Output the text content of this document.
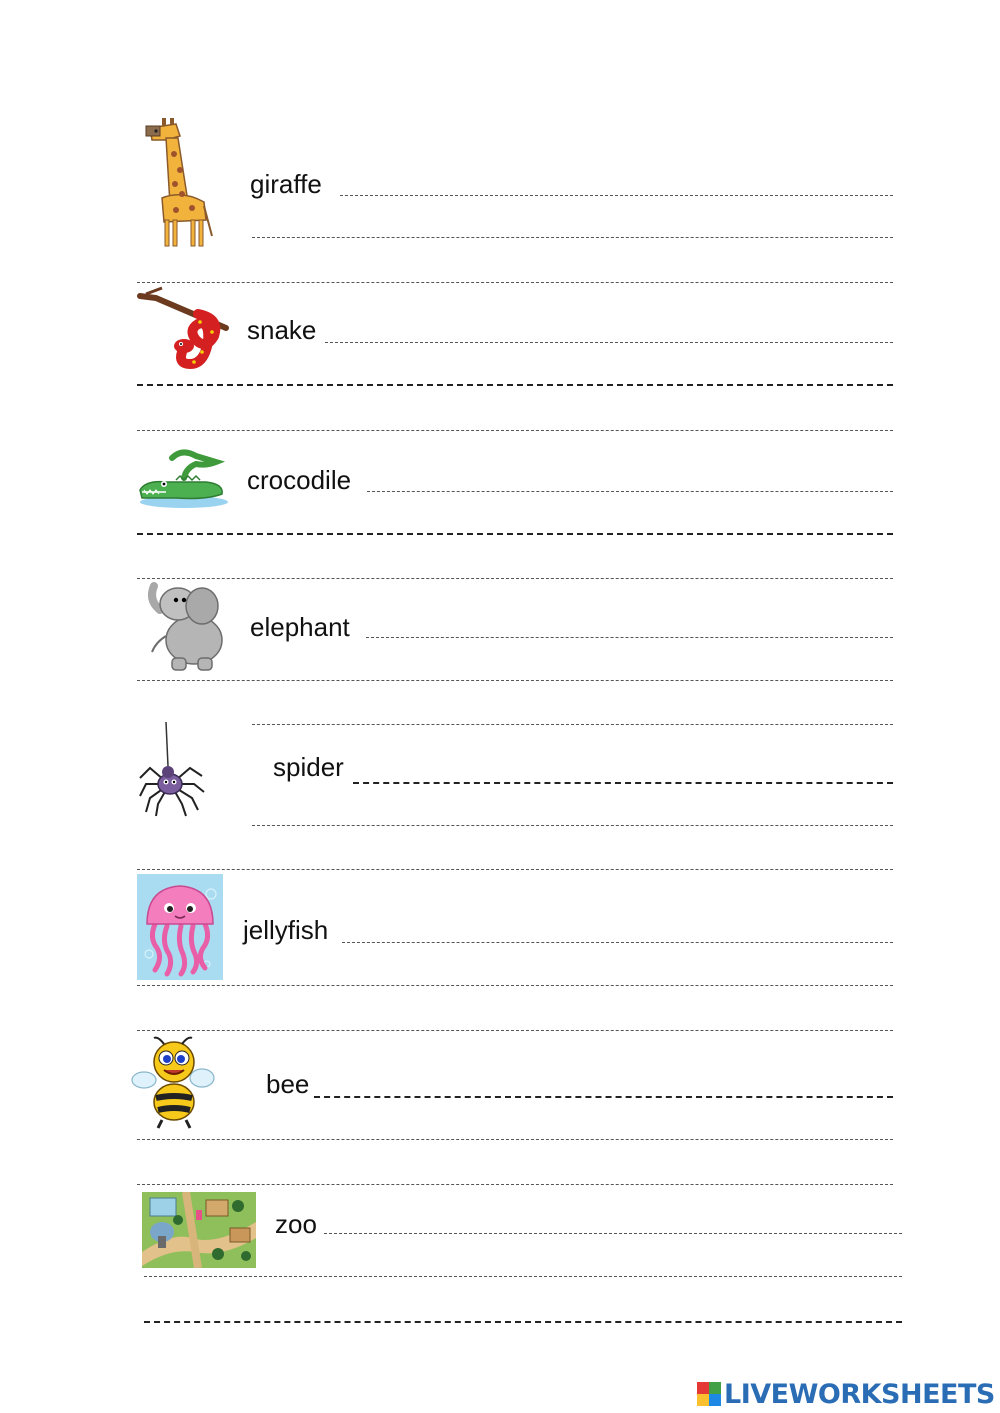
giraffe
snake
crocodile
elephant
spider
jellyfish
bee
zoo
LIVEWORKSHEETS
